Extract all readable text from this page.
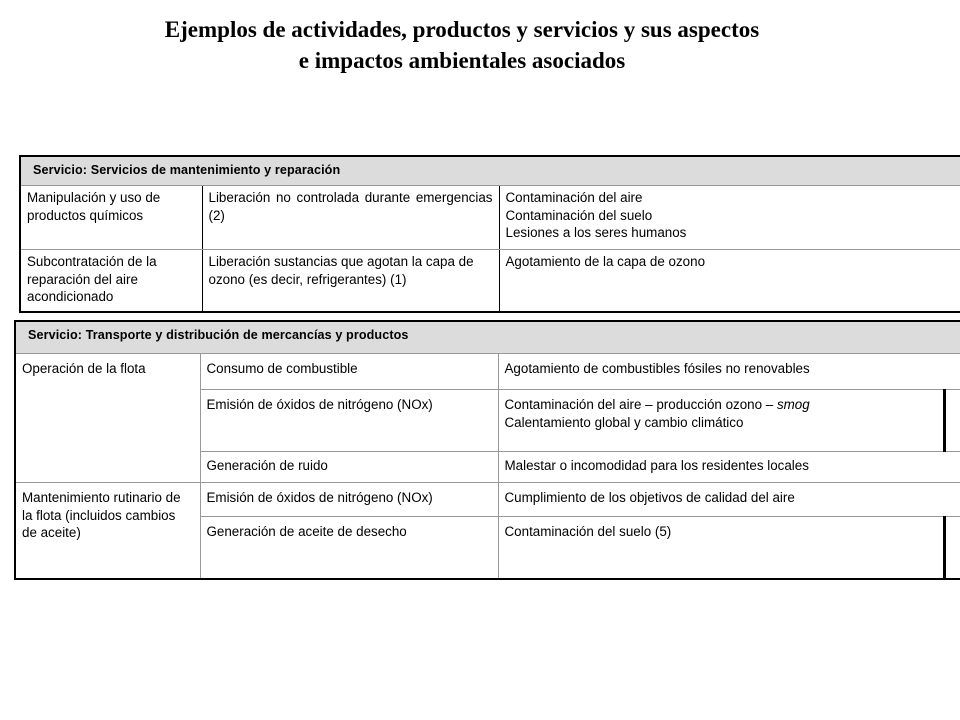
Ejemplos de actividades, productos y servicios y sus aspectos
e impactos ambientales asociados
Servicio: Servicios de mantenimiento y reparación		
Manipulación y uso de productos químicos	Liberación no controlada durante emergencias (2)	Contaminación del aire
Contaminación del suelo
Lesiones a los seres humanos

Subcontratación de la reparación del aire acondicionado	Liberación sustancias que agotan la capa de ozono (es decir, refrigerantes) (1)	Agotamiento de la capa de ozono
Servicio: Transporte y distribución de mercancías y productos			
Operación de la flota	Consumo de combustible	Agotamiento de combustibles fósiles no renovables	
	Emisión de óxidos de nitrógeno (NOx)	Contaminación del aire – producción ozono – smog
Calentamiento global y cambio climático	

	Generación de ruido	Malestar o incomodidad para los residentes locales	
Mantenimiento rutinario de la flota (incluidos cambios de aceite)	Emisión de óxidos de nitrógeno (NOx)	Cumplimiento de los objetivos de calidad del aire	
	Generación de aceite de desecho	Contaminación del suelo (5)	
